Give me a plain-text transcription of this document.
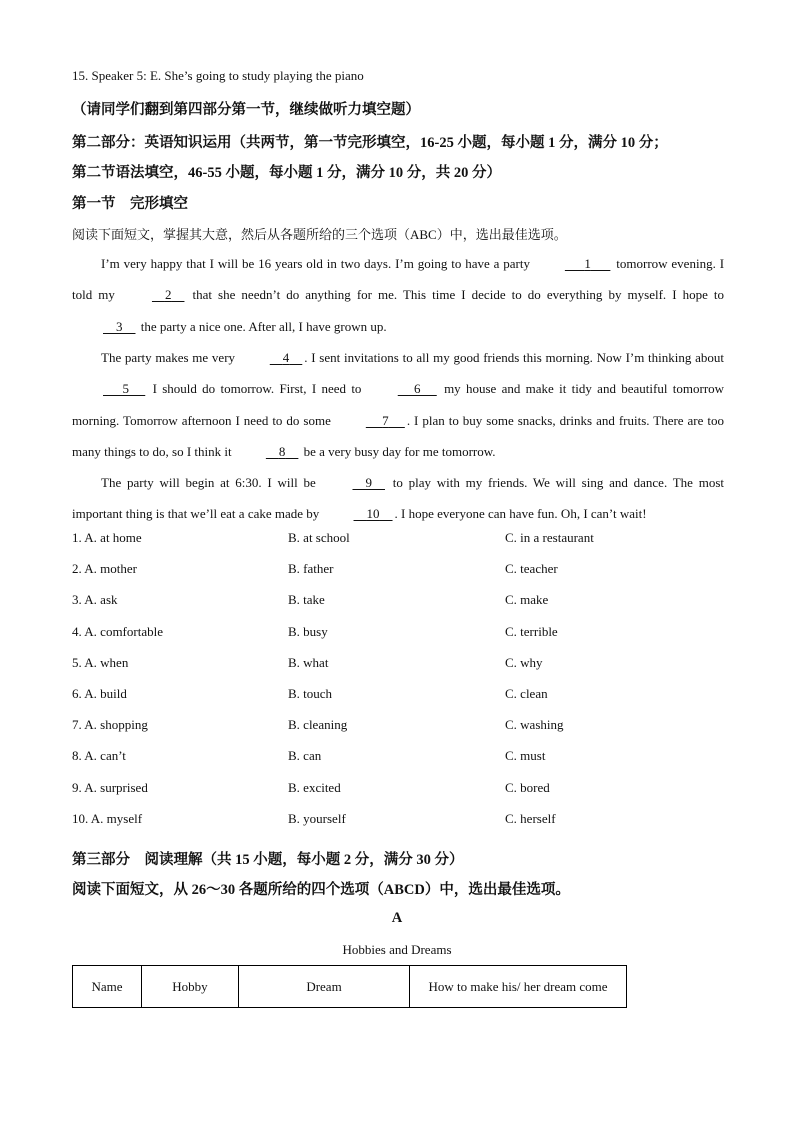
15. Speaker 5: E. She’s going to study playing the piano
（请同学们翻到第四部分第一节，继续做听力填空题）
第二部分：英语知识运用（共两节，第一节完形填空，16-25 小题，每小题 1 分，满分 10 分；
第二节语法填空，46-55 小题，每小题 1 分，满分 10 分，共 20 分）
第一节　完形填空
阅读下面短文，掌握其大意，然后从各题所给的三个选项（ABC）中，选出最佳选项。
I’m very happy that I will be 16 years old in two days. I’m going to have a party	1 tomorrow evening. I told my	2 that she needn’t do anything for me. This time I decide to do everything by myself. I hope to     3 the party a nice one. After all, I have grown up.
The party makes me very	4 . I sent invitations to all my good friends this morning. Now I’m thinking about       5 I should do tomorrow. First, I need to	6 my house and make it tidy and beautiful tomorrow morning. Tomorrow afternoon I need to do some	7 . I plan to buy some snacks, drinks and fruits. There are too many things to do, so I think it	8 be a very busy day for me tomorrow.
The party will begin at 6:30. I will be	9 to play with my friends. We will sing and dance. The most important thing is that we’ll eat a cake made by	10 . I hope everyone can have fun. Oh, I can’t wait!
1. A. at home	B. at school	C. in a restaurant
2. A. mother	B. father	C. teacher
3. A. ask	B. take	C. make
4. A. comfortable	B. busy	C. terrible
5. A. when	B. what	C. why
6. A. build	B. touch	C. clean
7. A. shopping	B. cleaning	C. washing
8. A. can’t	B. can	C. must
9. A. surprised	B. excited	C. bored
10. A. myself	B. yourself	C. herself
第三部分　阅读理解（共 15 小题，每小题 2 分，满分 30 分）
阅读下面短文，从 26～30 各题所给的四个选项（ABCD）中，选出最佳选项。
A
Hobbies and Dreams
Name	Hobby	Dream	How to make his/ her dream come
